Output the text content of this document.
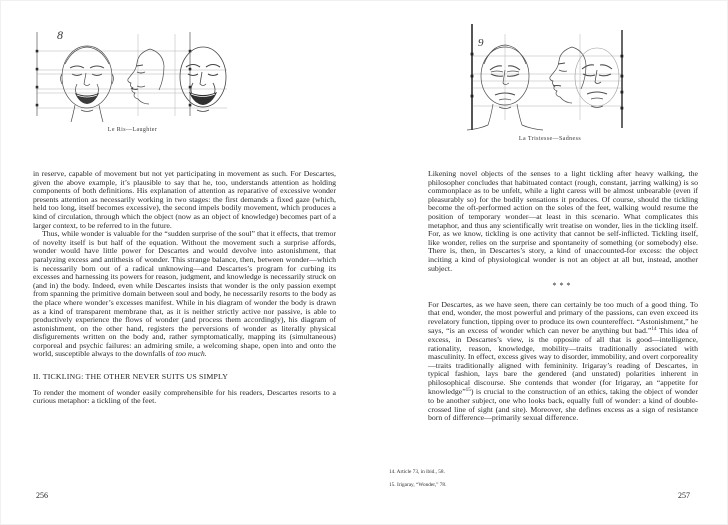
8
Le Ris—Laughter
9
La Tristesse—Sadness

in reserve, capable of movement but not yet participating in movement as such. For Descartes, given the above example, it’s plausible to say that he, too, understands attention as holding components of both definitions. His explanation of attention as reparative of excessive wonder presents attention as necessarily working in two stages: the first demands a fixed gaze (which, held too long, itself becomes excessive), the second impels bodily movement, which produces a kind of circulation, through which the object (now as an object of knowledge) becomes part of a larger context, to be referred to in the future.

Thus, while wonder is valuable for the “sudden surprise of the soul” that it effects, that tremor of novelty itself is but half of the equation. Without the movement such a surprise affords, wonder would have little power for Descartes and would devolve into astonishment, that paralyzing excess and antithesis of wonder. This strange balance, then, between wonder—which is necessarily born out of a radical unknowing—and Descartes’s program for curbing its excesses and harnessing its powers for reason, judgment, and knowledge is necessarily struck on (and in) the body. Indeed, even while Descartes insists that wonder is the only passion exempt from spanning the primitive domain between soul and body, he necessarily resorts to the body as the place where wonder’s excesses manifest. While in his diagram of wonder the body is drawn as a kind of transparent membrane that, as it is neither strictly active nor passive, is able to productively experience the flows of wonder (and process them accordingly), his diagram of astonishment, on the other hand, registers the perversions of wonder as literally physical disfigurements written on the body and, rather symptomatically, mapping its (simultaneous) corporeal and psychic failures: an admiring smile, a welcoming shape, open into and onto the world, susceptible always to the downfalls of too much.

II. TICKLING: THE OTHER NEVER SUITS US SIMPLY

To render the moment of wonder easily comprehensible for his readers, Descartes resorts to a curious metaphor: a tickling of the feet.

Likening novel objects of the senses to a light tickling after heavy walking, the philosopher concludes that habituated contact (rough, constant, jarring walking) is so commonplace as to be unfelt, while a light caress will be almost unbearable (even if pleasurably so) for the bodily sensations it produces. Of course, should the tickling become the oft-performed action on the soles of the feet, walking would resume the position of temporary wonder—at least in this scenario. What complicates this metaphor, and thus any scientifically writ treatise on wonder, lies in the tickling itself. For, as we know, tickling is one activity that cannot be self-inflicted. Tickling itself, like wonder, relies on the surprise and spontaneity of something (or somebody) else. There is, then, in Descartes’s story, a kind of unaccounted-for excess: the object inciting a kind of physiological wonder is not an object at all but, instead, another subject.

***

For Descartes, as we have seen, there can certainly be too much of a good thing. To that end, wonder, the most powerful and primary of the passions, can even exceed its revelatory function, tipping over to produce its own countereffect. “Astonishment,” he says, “is an excess of wonder which can never be anything but bad.”$^{14}$ This idea of excess, in Descartes’s view, is the opposite of all that is good—intelligence, rationality, reason, knowledge, mobility—traits traditionally associated with masculinity. In effect, excess gives way to disorder, immobility, and overt corporeality—traits traditionally aligned with femininity. Irigaray’s reading of Descartes, in typical fashion, lays bare the gendered (and unstated) polarities inherent in philosophical discourse. She contends that wonder (for Irigaray, an “appetite for knowledge”$^{15}$) is crucial to the construction of an ethics, taking the object of wonder to be another subject, one who looks back, equally full of wonder: a kind of double-crossed line of sight (and site). Moreover, she defines excess as a sign of resistance born of difference—primarily sexual difference.

14. Article 73, in ibid., 58.
15. Irigaray, “Wonder,” 78.
256	257
